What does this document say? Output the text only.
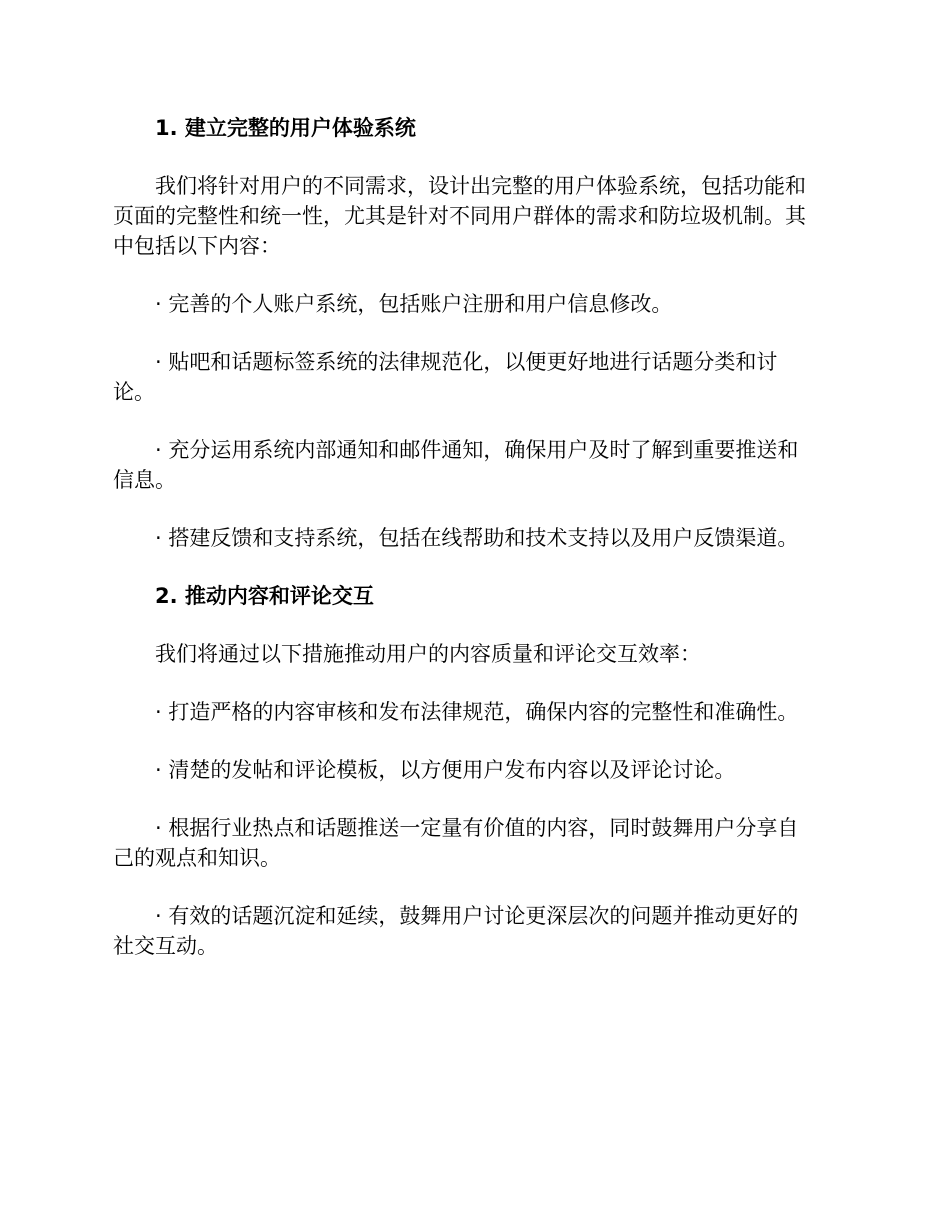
1. 建立完整的用户体验系统

我们将针对用户的不同需求，设计出完整的用户体验系统，包括功能和

页面的完整性和统一性，尤其是针对不同用户群体的需求和防垃圾机制。其

中包括以下内容：

· 完善的个人账户系统，包括账户注册和用户信息修改。

· 贴吧和话题标签系统的法律规范化，以便更好地进行话题分类和讨

论。

· 充分运用系统内部通知和邮件通知，确保用户及时了解到重要推送和

信息。

· 搭建反馈和支持系统，包括在线帮助和技术支持以及用户反馈渠道。

2. 推动内容和评论交互

我们将通过以下措施推动用户的内容质量和评论交互效率：

· 打造严格的内容审核和发布法律规范，确保内容的完整性和准确性。

· 清楚的发帖和评论模板，以方便用户发布内容以及评论讨论。

· 根据行业热点和话题推送一定量有价值的内容，同时鼓舞用户分享自

己的观点和知识。

· 有效的话题沉淀和延续，鼓舞用户讨论更深层次的问题并推动更好的

社交互动。
